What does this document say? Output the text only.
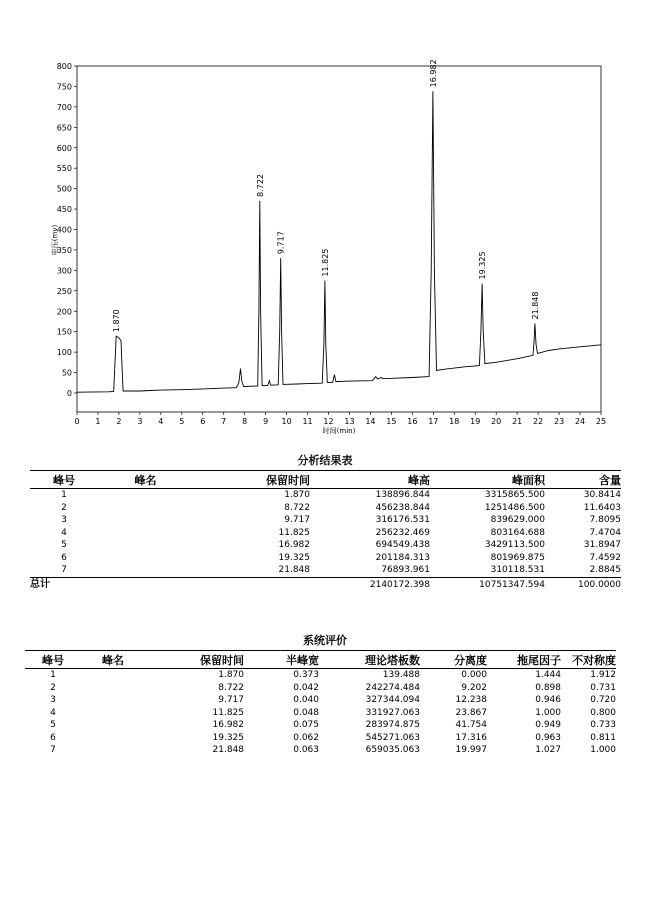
0
50
100
150
200
250
300
350
400
450
500
550
600
650
700
750
800
0 1 2 3 4 5 6 7 8 9 10 11 12 13 14 15 16 17 18 19 20 21 22 23 24 25
1.870
8.722
9.717
11.825
16.982
19.325
21.848
电压(mv)
时间(min)
分析结果表
峰号	峰名	保留时间	峰高	峰面积	含量
1		1.870	138896.844	3315865.500	30.8414
2		8.722	456238.844	1251486.500	11.6403
3		9.717	316176.531	839629.000	7.8095
4		11.825	256232.469	803164.688	7.4704
5		16.982	694549.438	3429113.500	31.8947
6		19.325	201184.313	801969.875	7.4592
7		21.848	76893.961	310118.531	2.8845
总计			2140172.398	10751347.594	100.0000
系统评价
峰号	峰名	保留时间	半峰宽	理论塔板数	分离度	拖尾因子	不对称度
1		1.870	0.373	139.488	0.000	1.444	1.912
2		8.722	0.042	242274.484	9.202	0.898	0.731
3		9.717	0.040	327344.094	12.238	0.946	0.720
4		11.825	0.048	331927.063	23.867	1.000	0.800
5		16.982	0.075	283974.875	41.754	0.949	0.733
6		19.325	0.062	545271.063	17.316	0.963	0.811
7		21.848	0.063	659035.063	19.997	1.027	1.000
